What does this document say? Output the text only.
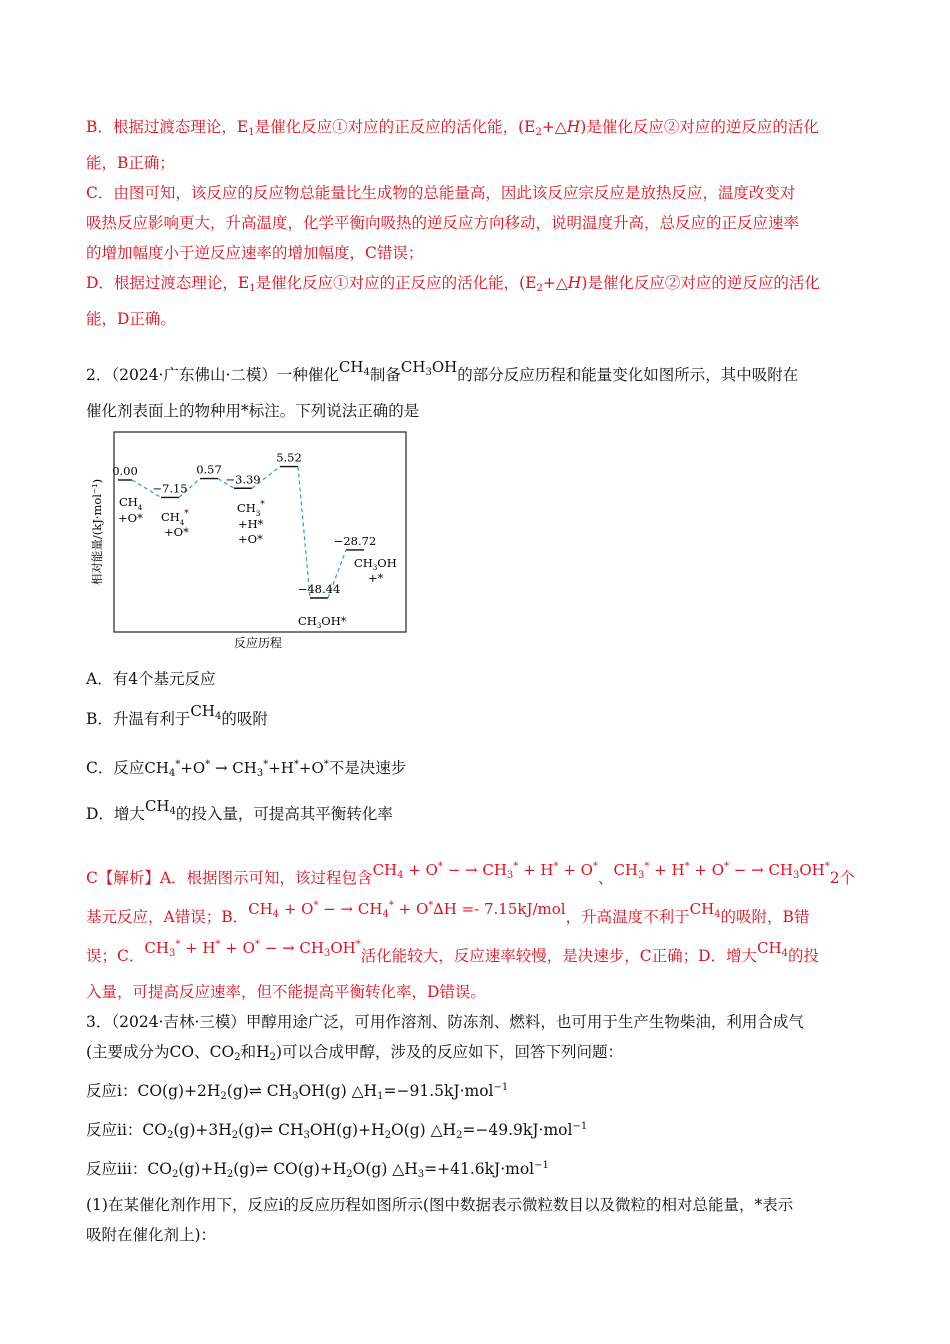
B．根据过渡态理论，$E_1$是催化反应①对应的正反应的活化能，$(E_2+\triangle H)$是催化反应②对应的逆反应的活化

能，B正确；

C．由图可知，该反应的反应物总能量比生成物的总能量高，因此该反应宗反应是放热反应，温度改变对

吸热反应影响更大，升高温度，化学平衡向吸热的逆反应方向移动，说明温度升高，总反应的正反应速率

的增加幅度小于逆反应速率的增加幅度，C错误；

D．根据过渡态理论，$E_1$是催化反应①对应的正反应的活化能，$(E_2+\triangle H)$是催化反应②对应的逆反应的活化

能，D正确。

2．（2024·广东佛山·二模）一种催化$CH_4$制备$CH_3OH$的部分反应历程和能量变化如图所示，其中吸附在

催化剂表面上的物种用*标注。下列说法正确的是

相对能量/(kJ·mol⁻¹)
反应历程
0.00
−7.15
0.57
−3.39
5.52
−48.44
−28.72
$CH_4$
+O* $CH_4^*$
+O*
$CH_3^*$
+H*
+O*
$CH_3OH*$
$CH_3OH$
+*

A．有4个基元反应

B．升温有利于$CH_4$的吸附

C．反应$CH_4^*+O^* \to CH_3^*+H^*+O^*$不是决速步

D．增大$CH_4$的投入量，可提高其平衡转化率

C【解析】A．根据图示可知，该过程包含$CH_4 + O^*$ − → $CH_3^* + H^* + O^*$、$CH_3^* + H^* + O^*$ − → $CH_3OH^*2$个

基元反应，A错误；B．$CH_4 + O^*$ − → $CH_4^* + O^*\Delta H =- 7.15kJ/mol$，升高温度不利于$CH_4$的吸附，B错

误；C．$CH_3^* + H^* + O^*$ − → $CH_3OH^*$活化能较大，反应速率较慢，是决速步，C正确；D．增大$CH_4$的投

入量，可提高反应速率，但不能提高平衡转化率，D错误。

3．（2024·吉林·三模）甲醇用途广泛，可用作溶剂、防冻剂、燃料，也可用于生产生物柴油，利用合成气

(主要成分为CO、$CO_2$和$H_2$)可以合成甲醇，涉及的反应如下，回答下列问题：

反应ⅰ：$CO(g)+2H_2(g)\rightleftharpoons$ $CH_3OH(g)$ $\triangle H_1=-91.5kJ\cdot mol^{-1}$

反应ⅱ：$CO_2(g)+3H_2(g)\rightleftharpoons$ $CH_3OH(g)+H_2O(g)$ $\triangle H_2=-49.9kJ\cdot mol^{-1}$

反应ⅲ：$CO_2(g)+H_2(g)\rightleftharpoons$ $CO(g)+H_2O(g)$ $\triangle H_3=+41.6kJ\cdot mol^{-1}$

(1)在某催化剂作用下，反应ⅰ的反应历程如图所示(图中数据表示微粒数目以及微粒的相对总能量，*表示

吸附在催化剂上)：
